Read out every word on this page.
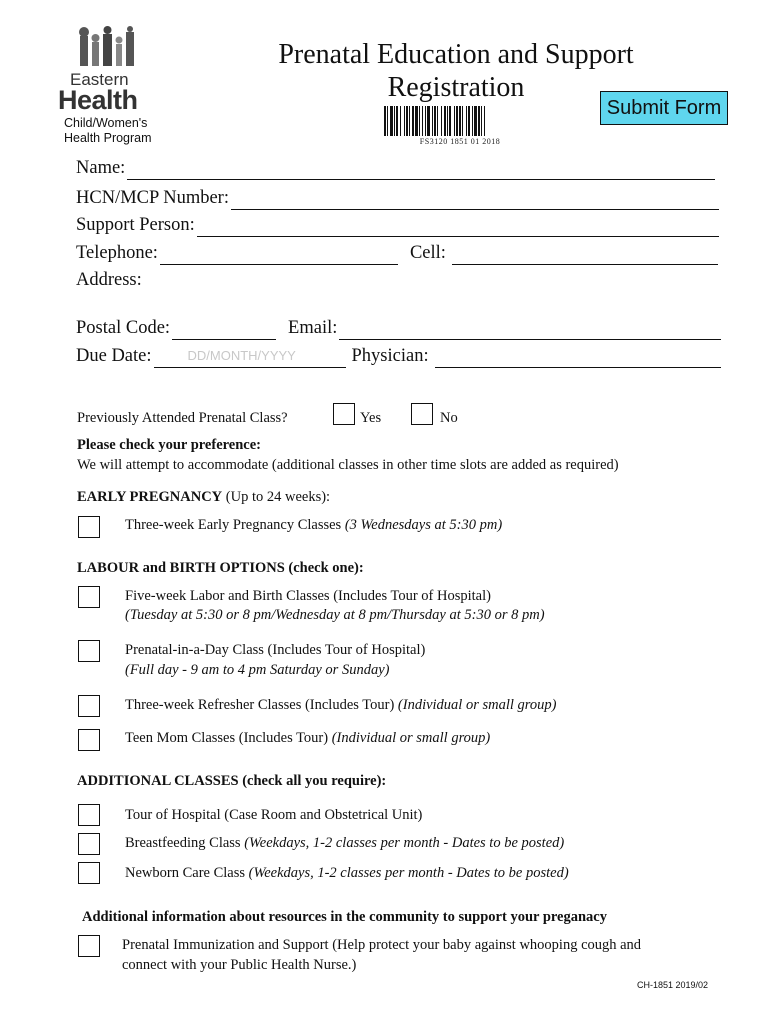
Eastern
Health
Child/Women's
Health Program
Prenatal Education and Support
Registration
Submit Form
FS3120 1851 01 2018
Name:
HCN/MCP Number:
Support Person:
Telephone:	Cell:
Address:
Postal Code:	Email:
Due Date:	DD/MONTH/YYYY	Physician:
Previously Attended Prenatal Class?	Yes	No
Please check your preference:
We will attempt to accommodate (additional classes in other time slots are added as required)
EARLY PREGNANCY (Up to 24 weeks):
Three-week Early Pregnancy Classes (3 Wednesdays at 5:30 pm)
LABOUR and BIRTH OPTIONS (check one):
Five-week Labor and Birth Classes (Includes Tour of Hospital)
(Tuesday at 5:30 or 8 pm/Wednesday at 8 pm/Thursday at 5:30 or 8 pm)
Prenatal-in-a-Day Class (Includes Tour of Hospital)
(Full day - 9 am to 4 pm Saturday or Sunday)
Three-week Refresher Classes (Includes Tour) (Individual or small group)
Teen Mom Classes (Includes Tour) (Individual or small group)
ADDITIONAL CLASSES (check all you require):
Tour of Hospital (Case Room and Obstetrical Unit)
Breastfeeding Class (Weekdays, 1-2 classes per month - Dates to be posted)
Newborn Care Class (Weekdays, 1-2 classes per month - Dates to be posted)
Additional information about resources in the community to support your preganacy
Prenatal Immunization and Support (Help protect your baby against whooping cough and
connect with your Public Health Nurse.)
CH-1851 2019/02
